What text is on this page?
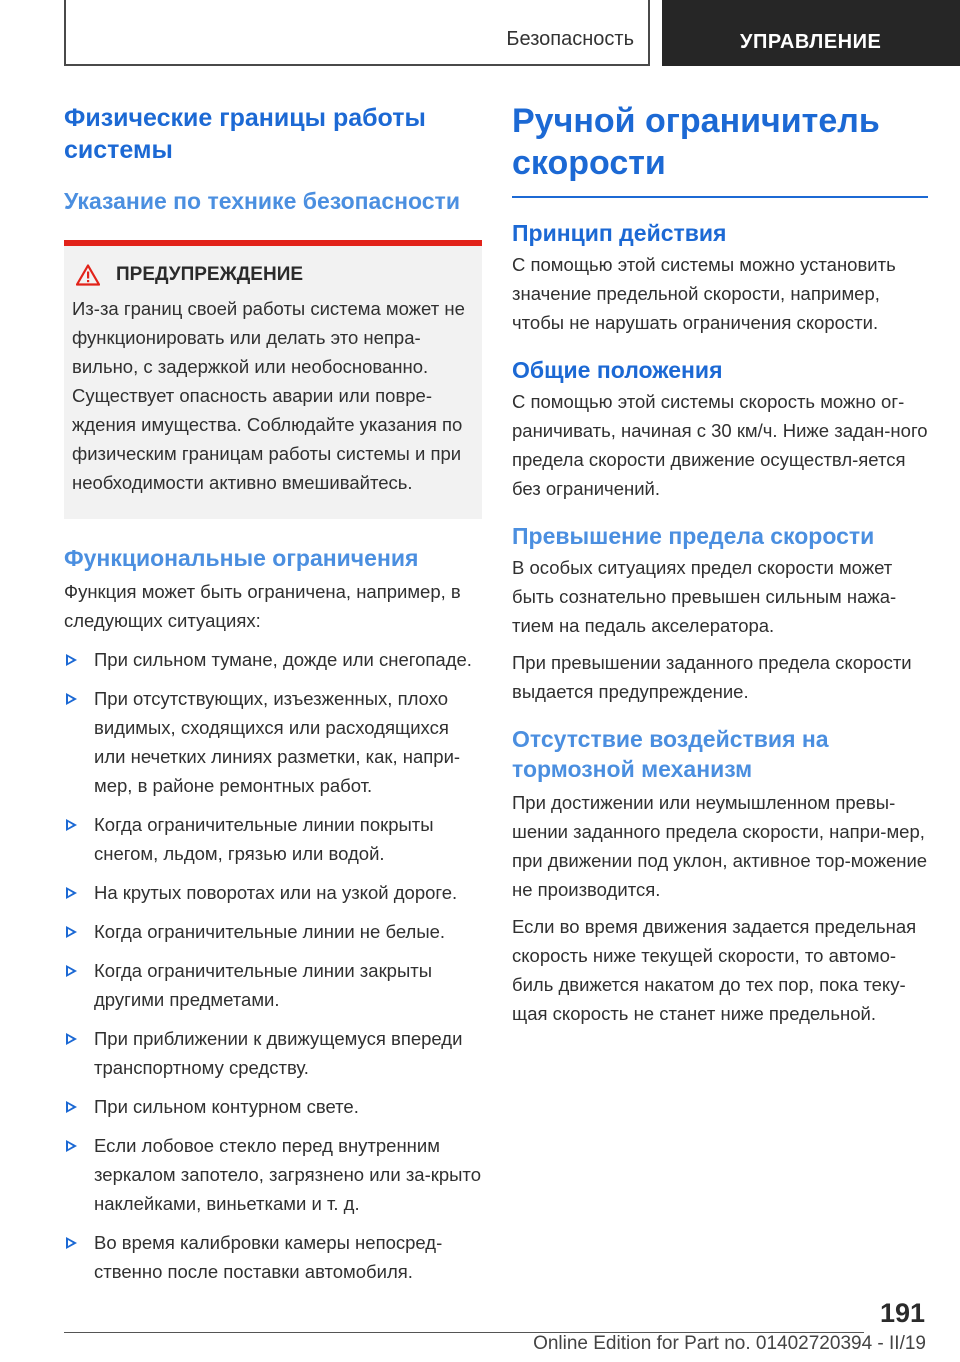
Безопасность	УПРАВЛЕНИЕ
Физические границы работы системы
Указание по технике безопасности
ПРЕДУПРЕЖДЕНИЕ

Из-за границ своей работы система может не функционировать или делать это непра-вильно, с задержкой или необоснованно. Существует опасность аварии или повре-ждения имущества. Соблюдайте указания по физическим границам работы системы и при необходимости активно вмешивайтесь.

Функциональные ограничения

Функция может быть ограничена, например, в следующих ситуациях:

При сильном тумане, дожде или снегопаде.
При отсутствующих, изъезженных, плохо видимых, сходящихся или расходящихся или нечетких линиях разметки, как, напри-мер, в районе ремонтных работ.
Когда ограничительные линии покрыты снегом, льдом, грязью или водой.
На крутых поворотах или на узкой дороге.
Когда ограничительные линии не белые.
Когда ограничительные линии закрыты другими предметами.
При приближении к движущемуся впереди транспортному средству.
При сильном контурном свете.
Если лобовое стекло перед внутренним зеркалом запотело, загрязнено или за-крыто наклейками, виньетками и т. д.
Во время калибровки камеры непосред-ственно после поставки автомобиля.
Ручной ограничитель скорости
Принцип действия

С помощью этой системы можно установить значение предельной скорости, например, чтобы не нарушать ограничения скорости.

Общие положения

С помощью этой системы скорость можно ог-раничивать, начиная с 30 км/ч. Ниже задан-ного предела скорости движение осуществл-яется без ограничений.

Превышение предела скорости

В особых ситуациях предел скорости может быть сознательно превышен сильным нажа-тием на педаль акселератора.

При превышении заданного предела скорости выдается предупреждение.

Отсутствие воздействия на тормозной механизм

При достижении или неумышленном превы-шении заданного предела скорости, напри-мер, при движении под уклон, активное тор-можение не производится.

Если во время движения задается предельная скорость ниже текущей скорости, то автомо-биль движется накатом до тех пор, пока теку-щая скорость не станет ниже предельной.

191
Online Edition for Part no. 01402720394 - II/19
